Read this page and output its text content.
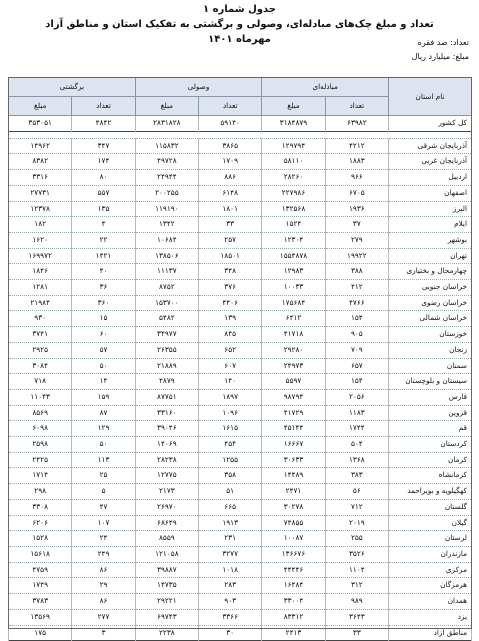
جدول شماره ۱
تعداد و مبلغ چک‌های مبادله‌ای، وصولی و برگشتی به تفکیک استان و مناطق آزاد
مهرماه ۱۴۰۱	تعداد: صد فقره
مبلغ: میلیارد ریال
نام استان	مبادله‌ای		وصولی		برگشتی	
	تعداد	مبلغ	تعداد	مبلغ	تعداد	مبلغ
کل کشور	۶۳۹۸۲	۳۱۸۴۸۷۹	۵۹۱۴۰	۲۸۳۱۸۲۸	۴۸۴۲	۳۵۳۰۵۱

آذربایجان شرقی	۴۲۱۲	۱۲۹۷۹۴	۳۸۶۵	۱۱۵۸۳۲	۳۴۷	۱۴۹۶۲
آذربایجان غربی	۱۸۸۳	۵۸۱۱۰	۱۷۰۹	۴۹۷۲۸	۱۷۴	۸۳۸۲
اردبیل	۹۶۶	۲۸۲۶۰	۸۸۶	۲۴۹۴۴	۸۰	۳۳۱۶
اصفهان	۶۷۰۵	۲۲۷۹۸۶	۶۱۴۸	۲۰۰۲۵۵	۵۵۷	۲۷۷۳۱
البرز	۱۹۳۶	۱۳۲۵۶۸	۱۸۰۱	۱۱۹۱۹۰	۱۳۵	۱۲۳۷۸
ایلام	۳۷	۱۵۲۴	۳۳	۱۳۴۲	۴	۱۸۲
بوشهر	۲۷۹	۱۲۳۰۴	۲۵۷	۱۰۶۸۴	۲۲	۱۶۲۰
تهران	۱۹۹۲۲	۱۵۵۴۸۷۸	۱۸۵۰۱	۱۳۸۵۰۶	۱۴۲۱	۱۶۹۹۷۲
چهارمحال و بختیاری	۳۸۸	۱۲۹۸۳	۳۴۸	۱۱۱۳۷	۴۰	۱۸۴۶
خراسان جنوبی	۴۱۲	۱۰۰۳۳	۳۷۶	۸۷۵۲	۳۶	۱۲۸۱
خراسان رضوی	۴۷۶۶	۱۷۵۶۸۴	۴۴۰۶	۱۵۳۷۰۰	۳۶۰	۲۱۹۸۴
خراسان شمالی	۱۵۴	۶۴۱۲	۱۳۹	۵۴۸۲	۱۵	۹۳۰
خوزستان	۹۰۵	۴۱۷۱۸	۸۴۵	۳۴۹۷۷	۶۰	۳۷۴۱
زنجان	۷۰۹	۲۹۲۸۰	۶۵۲	۲۶۳۵۵	۵۷	۲۹۲۵
سمنان	۶۵۷	۲۴۹۷۳	۶۰۷	۲۱۸۸۹	۵۰	۳۰۸۴
سیستان و بلوچستان	۱۵۴	۵۵۹۷	۱۴۰	۴۸۷۹	۱۴	۷۱۸
فارس	۲۰۵۶	۹۸۷۹۴	۱۸۹۷	۸۷۷۵۱	۱۵۹	۱۱۰۴۳
قزوین	۱۱۸۳	۴۱۷۲۹	۱۰۹۶	۳۳۱۶۰	۸۷	۸۵۶۹
قم	۱۷۴۴	۴۵۱۴۴	۱۶۱۵	۳۹۰۴۶	۱۲۹	۶۰۹۸
کردستان	۵۰۴	۱۶۶۶۷	۴۵۴	۱۴۰۶۹	۵۰	۲۵۹۸
کرمان	۱۳۶۸	۳۰۶۳۳	۱۲۵۵	۲۸۲۳۸	۱۱۳	۲۴۲۵
کرمانشاه	۳۸۳	۱۴۴۸۹	۳۵۸	۱۲۷۷۵	۲۵	۱۷۱۴
کهگیلویه و بویراحمد	۵۶	۲۴۷۱	۵۱	۲۱۷۳	۵	۲۹۸
گلستان	۷۱۲	۳۰۲۷۸	۶۶۵	۲۶۹۷۰	۴۷	۳۳۰۸
گیلان	۲۰۱۹	۷۴۸۵۵	۱۹۱۳	۶۸۶۴۹	۱۰۷	۶۲۰۶
لرستان	۲۵۵	۱۰۰۸۷	۲۳۱	۸۵۵۹	۲۴	۱۵۲۸
مازندران	۳۵۲۶	۱۳۶۶۷۶	۳۲۷۷	۱۲۱۰۵۸	۲۴۹	۱۵۶۱۸
مرکزی	۱۱۰۴	۴۴۴۴۶	۱۰۱۸	۳۹۸۸۷	۸۶	۴۷۵۹
هرمزگان	۳۱۲	۱۶۴۸۴	۲۸۳	۱۴۷۳۵	۲۹	۱۷۴۹
همدان	۹۸۹	۳۳۰۰۴	۹۰۳	۲۹۲۲۱	۸۶	۳۷۸۳
یزد	۳۶۴۳	۸۳۳۱۲	۳۳۶۶	۶۹۷۴۳	۲۷۷	۱۳۵۶۹
مناطق آزاد	۳۳	۲۴۱۳	۳۰	۲۲۳۸	۳	۱۷۵
